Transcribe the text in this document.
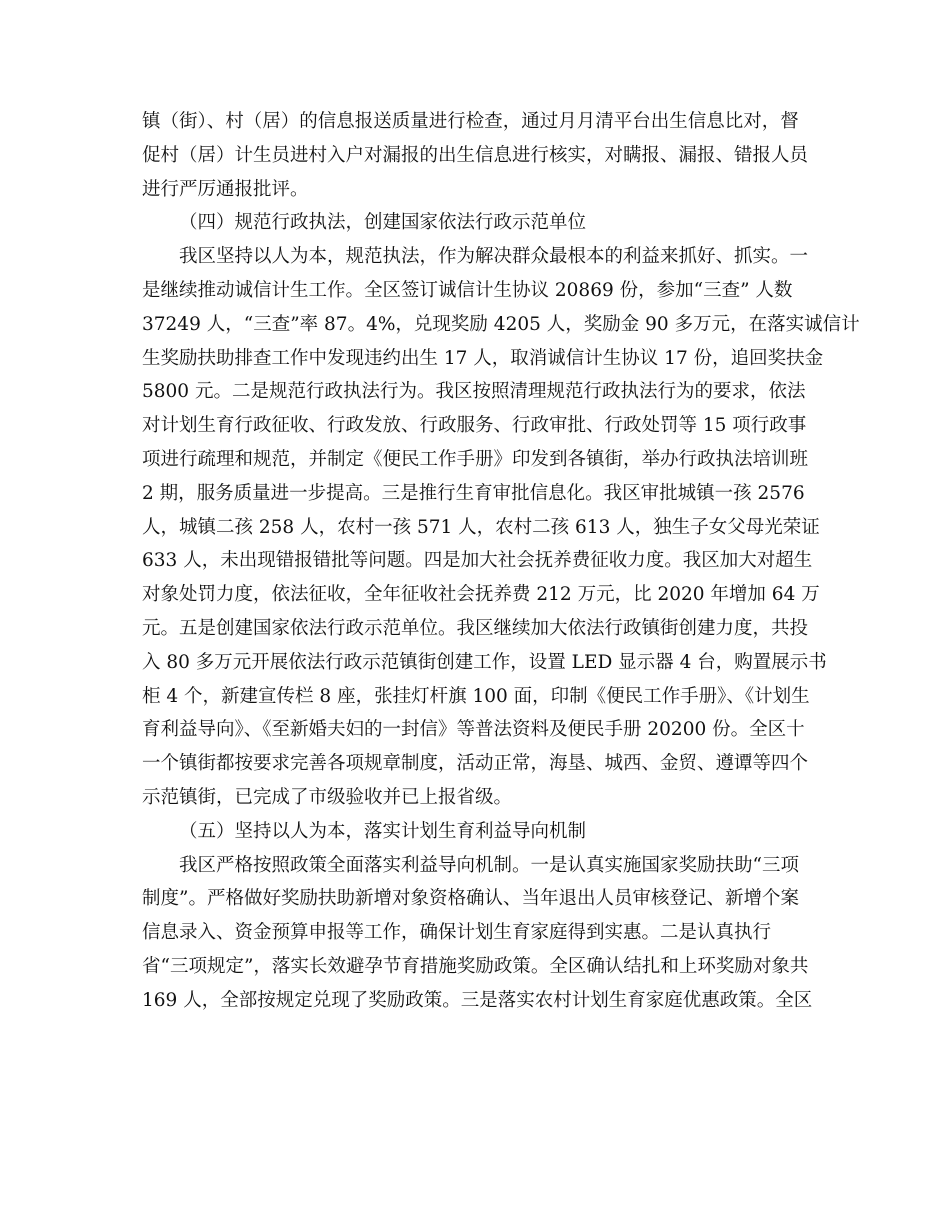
镇（街）、村（居）的信息报送质量进行检查，通过月月清平台出生信息比对，督
促村（居）计生员进村入户对漏报的出生信息进行核实，对瞒报、漏报、错报人员
进行严厉通报批评。
（四）规范行政执法，创建国家依法行政示范单位
我区坚持以人为本，规范执法，作为解决群众最根本的利益来抓好、抓实。一
是继续推动诚信计生工作。全区签订诚信计生协议 20869 份，参加“三查” 人数
37249 人，“三查”率 87。4%，兑现奖励 4205 人，奖励金 90 多万元，在落实诚信计
生奖励扶助排查工作中发现违约出生 17 人，取消诚信计生协议 17 份，追回奖扶金
5800 元。二是规范行政执法行为。我区按照清理规范行政执法行为的要求，依法
对计划生育行政征收、行政发放、行政服务、行政审批、行政处罚等 15 项行政事
项进行疏理和规范，并制定《便民工作手册》印发到各镇街，举办行政执法培训班
2 期，服务质量进一步提高。三是推行生育审批信息化。我区审批城镇一孩 2576
人，城镇二孩 258 人，农村一孩 571 人，农村二孩 613 人，独生子女父母光荣证
633 人，未出现错报错批等问题。四是加大社会抚养费征收力度。我区加大对超生
对象处罚力度，依法征收，全年征收社会抚养费 212 万元，比 2020 年增加 64 万
元。五是创建国家依法行政示范单位。我区继续加大依法行政镇街创建力度，共投
入 80 多万元开展依法行政示范镇街创建工作，设置 LED 显示器 4 台，购置展示书
柜 4 个，新建宣传栏 8 座，张挂灯杆旗 100 面，印制《便民工作手册》、《计划生
育利益导向》、《至新婚夫妇的一封信》等普法资料及便民手册 20200 份。全区十
一个镇街都按要求完善各项规章制度，活动正常，海垦、城西、金贸、遵谭等四个
示范镇街，已完成了市级验收并已上报省级。
（五）坚持以人为本，落实计划生育利益导向机制
我区严格按照政策全面落实利益导向机制。一是认真实施国家奖励扶助“三项
制度”。严格做好奖励扶助新增对象资格确认、当年退出人员审核登记、新增个案
信息录入、资金预算申报等工作，确保计划生育家庭得到实惠。二是认真执行
省“三项规定”，落实长效避孕节育措施奖励政策。全区确认结扎和上环奖励对象共
169 人，全部按规定兑现了奖励政策。三是落实农村计划生育家庭优惠政策。全区
